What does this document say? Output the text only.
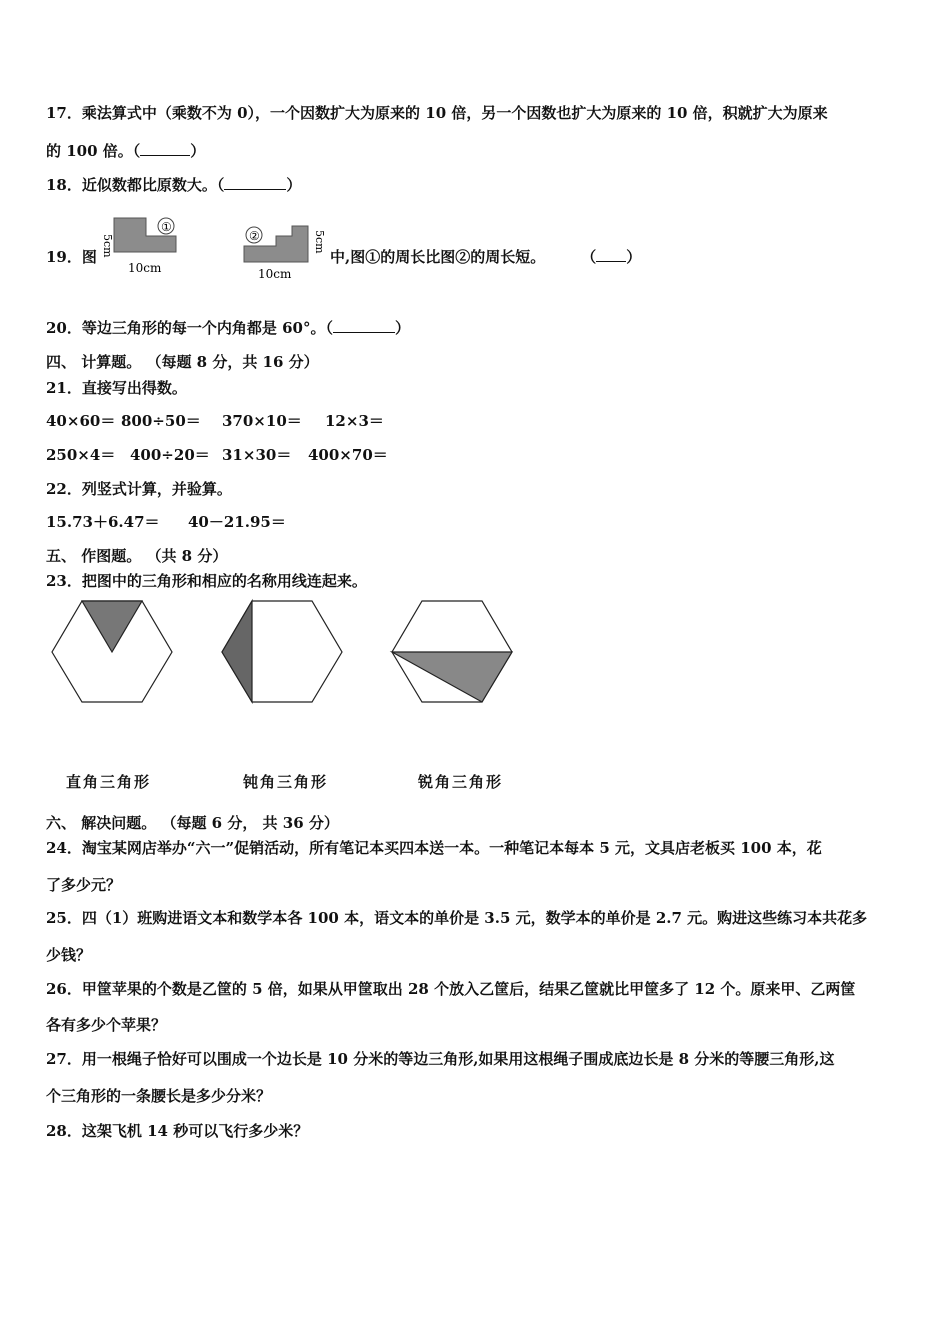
17．乘法算式中（乘数不为 0），一个因数扩大为原来的 10 倍，另一个因数也扩大为原来的 10 倍，积就扩大为原来
的 100 倍。（	）
18．近似数都比原数大。（	）
19．图 5cm
①
10cm
②	5cm
10cm
中,图①的周长比图②的周长短。 （ ）
20．等边三角形的每一个内角都是 60°。（	）
四、 计算题。 （每题 8 分，共 16 分）
21．直接写出得数。
40×60＝ 800÷50＝ 370×10＝ 12×3＝
250×4＝ 400÷20＝ 31×30＝ 400×70＝
22．列竖式计算，并验算。
15.73＋6.47＝ 40－21.95＝
五、 作图题。 （共 8 分）
23．把图中的三角形和相应的名称用线连起来。
直角三角形	钝角三角形	锐角三角形
六、 解决问题。 （每题 6 分， 共 36 分）
24．淘宝某网店举办“六一”促销活动，所有笔记本买四本送一本。一种笔记本每本 5 元，文具店老板买 100 本，花
了多少元？
25．四（1）班购进语文本和数学本各 100 本，语文本的单价是 3.5 元，数学本的单价是 2.7 元。购进这些练习本共花多
少钱？
26．甲筐苹果的个数是乙筐的 5 倍，如果从甲筐取出 28 个放入乙筐后，结果乙筐就比甲筐多了 12 个。原来甲、乙两筐
各有多少个苹果？
27．用一根绳子恰好可以围成一个边长是 10 分米的等边三角形,如果用这根绳子围成底边长是 8 分米的等腰三角形,这
个三角形的一条腰长是多少分米？
28．这架飞机 14 秒可以飞行多少米？
